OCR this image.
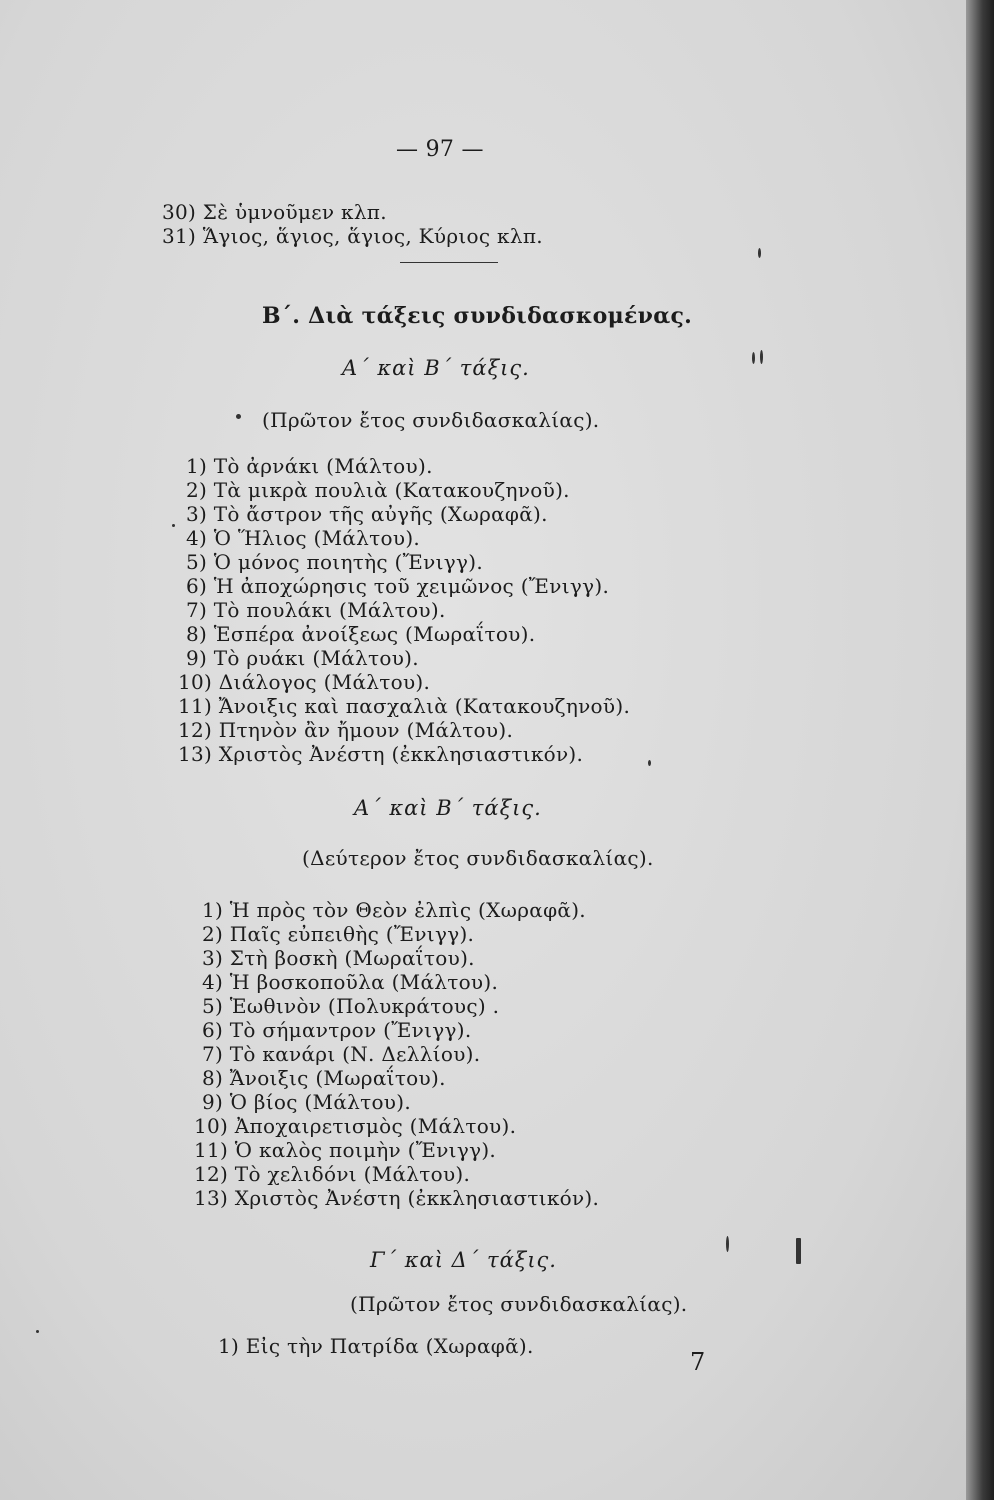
— 97 —
30) Σὲ ὑμνοῦμεν κλπ.
31) Ἅγιος, ἅγιος, ἅγιος, Κύριος κλπ.
Β΄. Διὰ τάξεις συνδιδασκομένας.
Α΄ καὶ Β΄ τάξις.
(Πρῶτον ἔτος συνδιδασκαλίας).
1) Τὸ ἀρνάκι (Μάλτου).
2) Τὰ μικρὰ πουλιὰ (Κατακουζηνοῦ).
3) Τὸ ἄστρον τῆς αὐγῆς (Χωραφᾶ).
4) Ὁ Ἥλιος (Μάλτου).
5) Ὁ μόνος ποιητὴς (Ἔνιγγ).
6) Ἡ ἀποχώρησις τοῦ χειμῶνος (Ἔνιγγ).
7) Τὸ πουλάκι (Μάλτου).
8) Ἑσπέρα ἀνοίξεως (Μωραΐτου).
9) Τὸ ρυάκι (Μάλτου).
10) Διάλογος (Μάλτου).
11) Ἄνοιξις καὶ πασχαλιὰ (Κατακουζηνοῦ).
12) Πτηνὸν ἂν ἤμουν (Μάλτου).
13) Χριστὸς Ἀνέστη (ἐκκλησιαστικόν).
Α΄ καὶ Β΄ τάξις.
(Δεύτερον ἔτος συνδιδασκαλίας).
1) Ἡ πρὸς τὸν Θεὸν ἐλπὶς (Χωραφᾶ).
2) Παῖς εὐπειθὴς (Ἔνιγγ).
3) Στὴ βοσκὴ (Μωραΐτου).
4) Ἡ βοσκοποῦλα (Μάλτου).
5) Ἑωθινὸν (Πολυκράτους) .
6) Τὸ σήμαντρον (Ἔνιγγ).
7) Τὸ κανάρι (Ν. Δελλίου).
8) Ἄνοιξις (Μωραΐτου).
9) Ὁ βίος (Μάλτου).
10) Ἀποχαιρετισμὸς (Μάλτου).
11) Ὁ καλὸς ποιμὴν (Ἔνιγγ).
12) Τὸ χελιδόνι (Μάλτου).
13) Χριστὸς Ἀνέστη (ἐκκλησιαστικόν).
Γ΄ καὶ Δ΄ τάξις.
(Πρῶτον ἔτος συνδιδασκαλίας).
1) Εἰς τὴν Πατρίδα (Χωραφᾶ).
7
